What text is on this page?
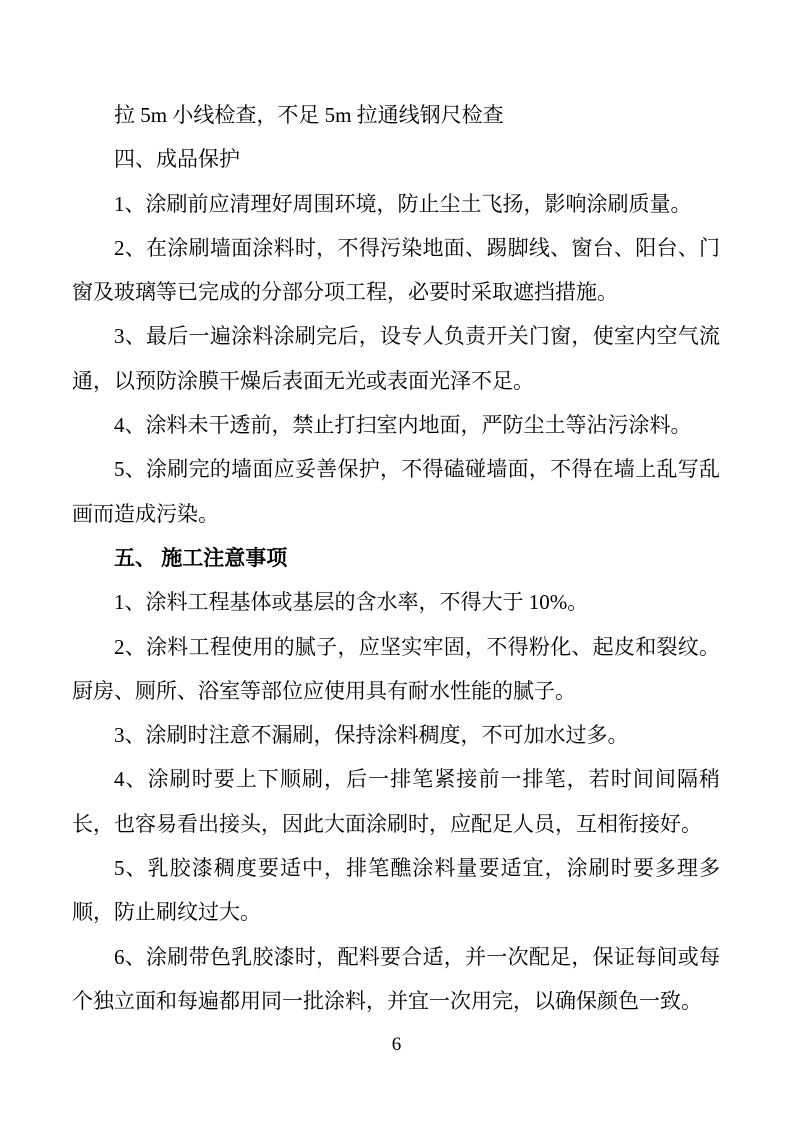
拉 5m 小线检查，不足 5m 拉通线钢尺检查

四、成品保护

1、涂刷前应清理好周围环境，防止尘土飞扬，影响涂刷质量。

2、在涂刷墙面涂料时，不得污染地面、踢脚线、窗台、阳台、门窗及玻璃等已完成的分部分项工程，必要时采取遮挡措施。

3、最后一遍涂料涂刷完后，设专人负责开关门窗，使室内空气流通，以预防涂膜干燥后表面无光或表面光泽不足。

4、涂料未干透前，禁止打扫室内地面，严防尘土等沾污涂料。

5、涂刷完的墙面应妥善保护，不得磕碰墙面，不得在墙上乱写乱画而造成污染。

五、 施工注意事项

1、涂料工程基体或基层的含水率，不得大于 10%。

2、涂料工程使用的腻子，应坚实牢固，不得粉化、起皮和裂纹。厨房、厕所、浴室等部位应使用具有耐水性能的腻子。

3、涂刷时注意不漏刷，保持涂料稠度，不可加水过多。

4、涂刷时要上下顺刷，后一排笔紧接前一排笔，若时间间隔稍长，也容易看出接头，因此大面涂刷时，应配足人员，互相衔接好。

5、乳胶漆稠度要适中，排笔醮涂料量要适宜，涂刷时要多理多顺，防止刷纹过大。

6、涂刷带色乳胶漆时，配料要合适，并一次配足，保证每间或每个独立面和每遍都用同一批涂料，并宜一次用完，以确保颜色一致。

6
